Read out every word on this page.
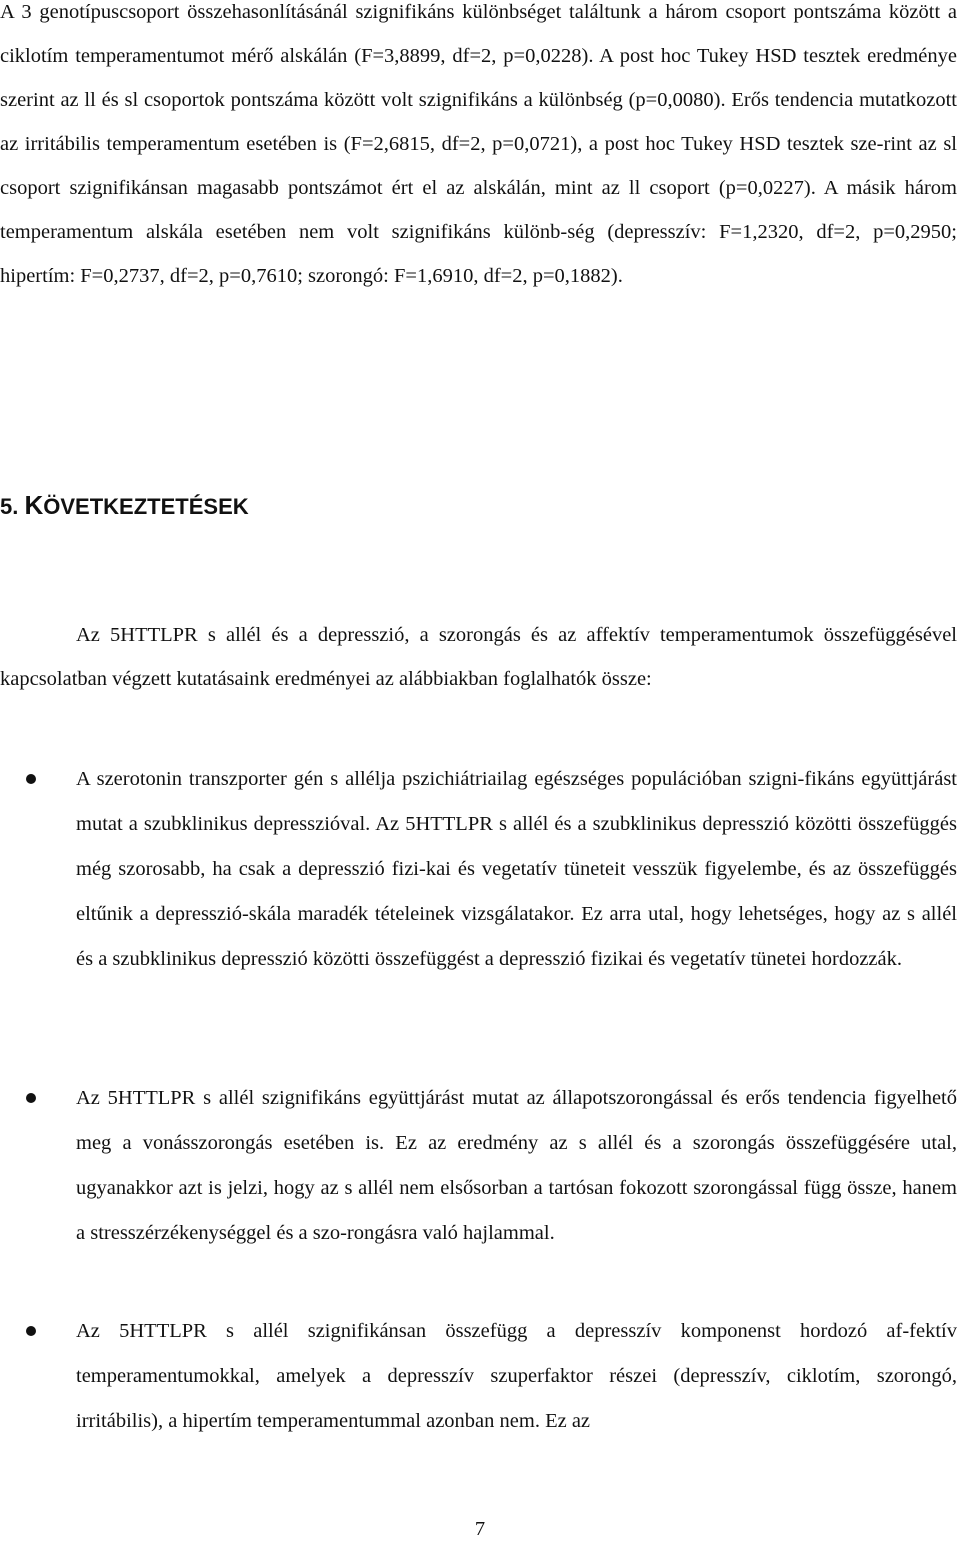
A 3 genotípuscsoport összehasonlításánál szignifikáns különbséget találtunk a három csoport pontszáma között a ciklotím temperamentumot mérő alskálán (F=3,8899, df=2, p=0,0228). A post hoc Tukey HSD tesztek eredménye szerint az ll és sl csoportok pontszáma között volt szignifikáns a különbség (p=0,0080). Erős tendencia mutatkozott az irritábilis temperamentum esetében is (F=2,6815, df=2, p=0,0721), a post hoc Tukey HSD tesztek sze-rint az sl csoport szignifikánsan magasabb pontszámot ért el az alskálán, mint az ll csoport (p=0,0227). A másik három temperamentum alskála esetében nem volt szignifikáns különb-ség (depresszív: F=1,2320, df=2, p=0,2950; hipertím: F=0,2737, df=2, p=0,7610; szorongó: F=1,6910, df=2, p=0,1882).

5. KÖVETKEZTETÉSEK

Az 5HTTLPR s allél és a depresszió, a szorongás és az affektív temperamentumok összefüggésével kapcsolatban végzett kutatásaink eredményei az alábbiakban foglalhatók össze:

A szerotonin transzporter gén s allélja pszichiátriailag egészséges populációban szigni-fikáns együttjárást mutat a szubklinikus depresszióval. Az 5HTTLPR s allél és a szubklinikus depresszió közötti összefüggés még szorosabb, ha csak a depresszió fizi-kai és vegetatív tüneteit vesszük figyelembe, és az összefüggés eltűnik a depresszió-skála maradék tételeinek vizsgálatakor. Ez arra utal, hogy lehetséges, hogy az s allél és a szubklinikus depresszió közötti összefüggést a depresszió fizikai és vegetatív tünetei hordozzák.

Az 5HTTLPR s allél szignifikáns együttjárást mutat az állapotszorongással és erős tendencia figyelhető meg a vonásszorongás esetében is. Ez az eredmény az s allél és a szorongás összefüggésére utal, ugyanakkor azt is jelzi, hogy az s allél nem elsősorban a tartósan fokozott szorongással függ össze, hanem a stresszérzékenységgel és a szo-rongásra való hajlammal.

Az 5HTTLPR s allél szignifikánsan összefügg a depresszív komponenst hordozó af-fektív temperamentumokkal, amelyek a depresszív szuperfaktor részei (depresszív, ciklotím, szorongó, irritábilis), a hipertím temperamentummal azonban nem. Ez az

7
